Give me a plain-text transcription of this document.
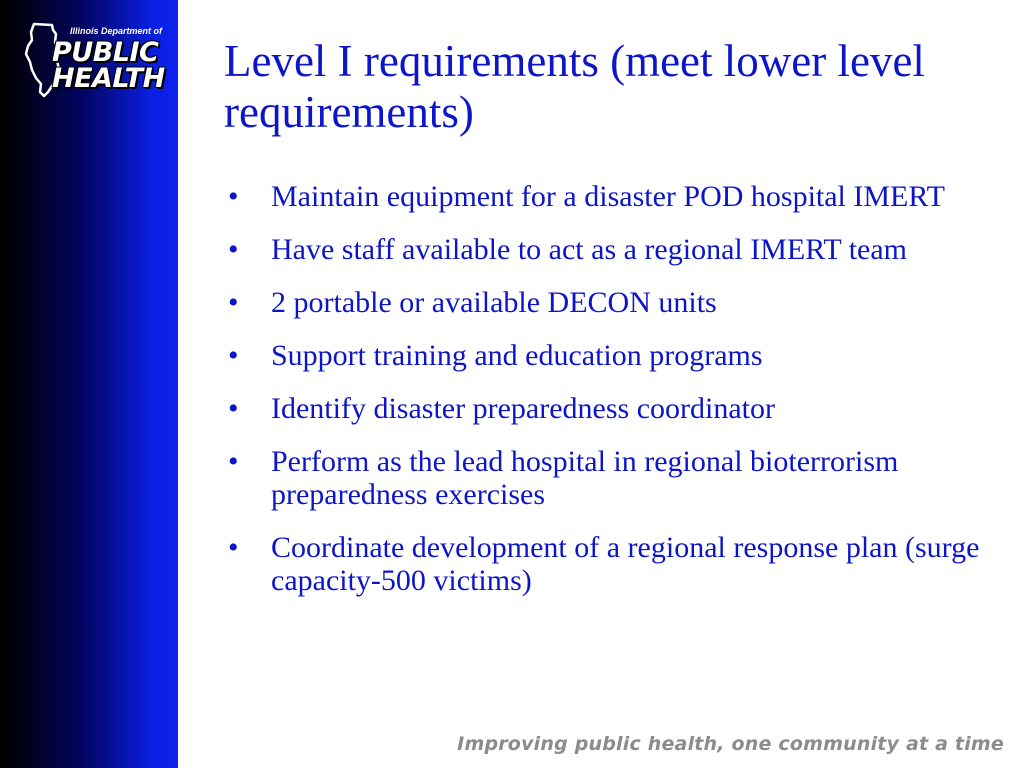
Illinois Department of
PUBLIC
HEALTH Level I requirements (meet lower level requirements)
• Maintain equipment for a disaster POD hospital IMERT
• Have staff available to act as a regional IMERT team
• 2 portable or available DECON units
• Support training and education programs
• Identify disaster preparedness coordinator
• Perform as the lead hospital in regional bioterrorism preparedness exercises
• Coordinate development of a regional response plan (surge capacity-500 victims)
Improving public health, one community at a time
